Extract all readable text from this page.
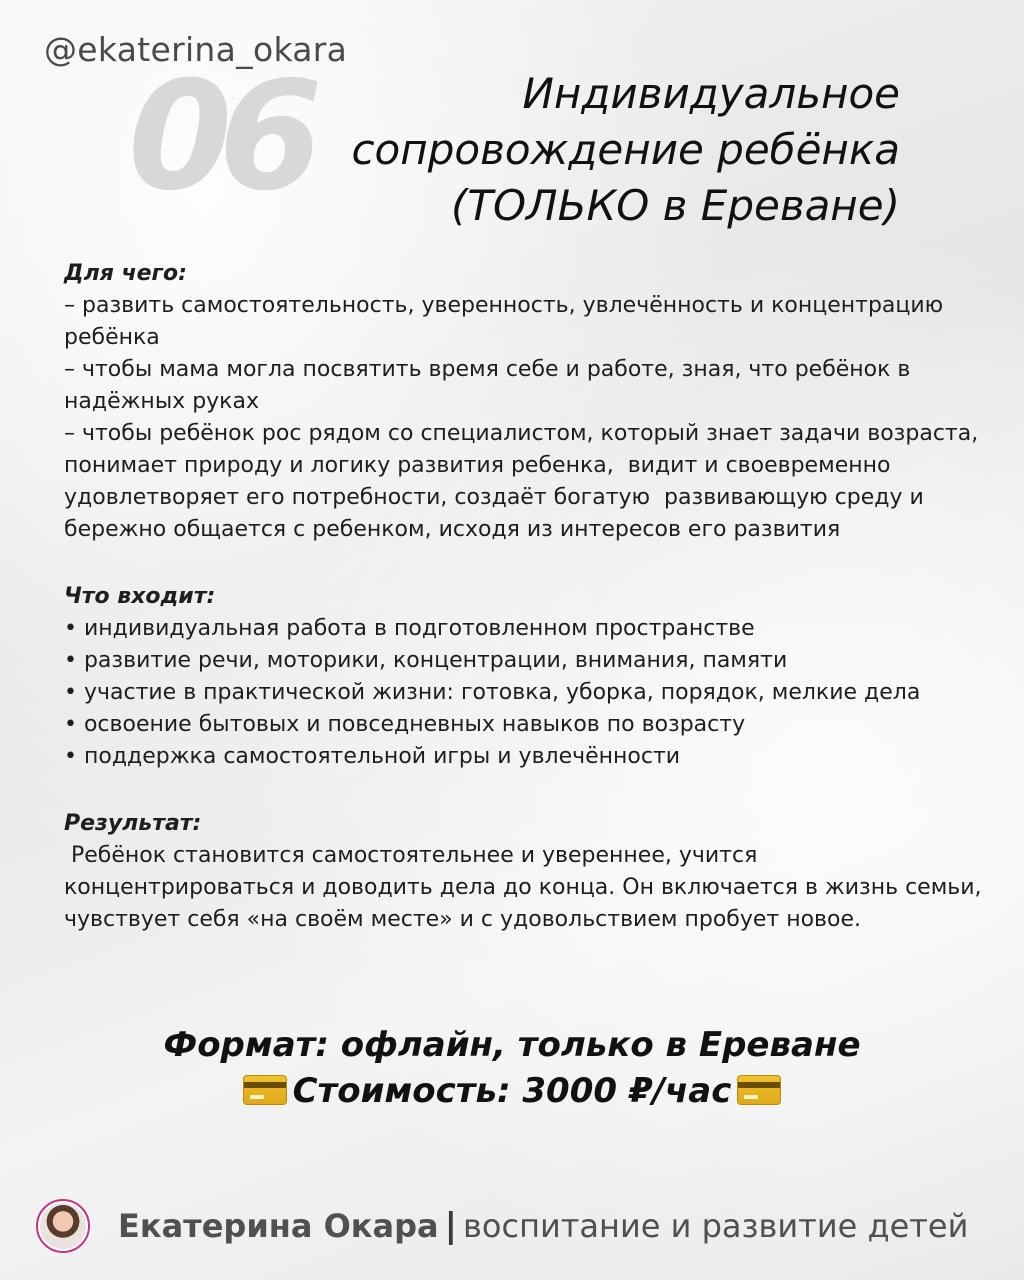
@ekaterina_okara
06	Индивидуальное
сопровождение ребёнка
(ТОЛЬКО в Ереване)
Для чего:
– развить самостоятельность, уверенность, увлечённость и концентрацию ребёнка
– чтобы мама могла посвятить время себе и работе, зная, что ребёнок в надёжных руках
– чтобы ребёнок рос рядом со специалистом, который знает задачи возраста, понимает природу и логику развития ребенка,  видит и своевременно удовлетворяет его потребности, создаёт богатую  развивающую среду и бережно общается с ребенком, исходя из интересов его развития
Что входит:
• индивидуальная работа в подготовленном пространстве
• развитие речи, моторики, концентрации, внимания, памяти
• участие в практической жизни: готовка, уборка, порядок, мелкие дела
• освоение бытовых и повседневных навыков по возрасту
• поддержка самостоятельной игры и увлечённости
Результат:
Ребёнок становится самостоятельнее и увереннее, учится концентрироваться и доводить дела до конца. Он включается в жизнь семьи, чувствует себя «на своём месте» и с удовольствием пробует новое.
Формат: офлайн, только в Ереване
Стоимость: 3000 ₽/час
Екатерина Окара | воспитание и развитие детей
